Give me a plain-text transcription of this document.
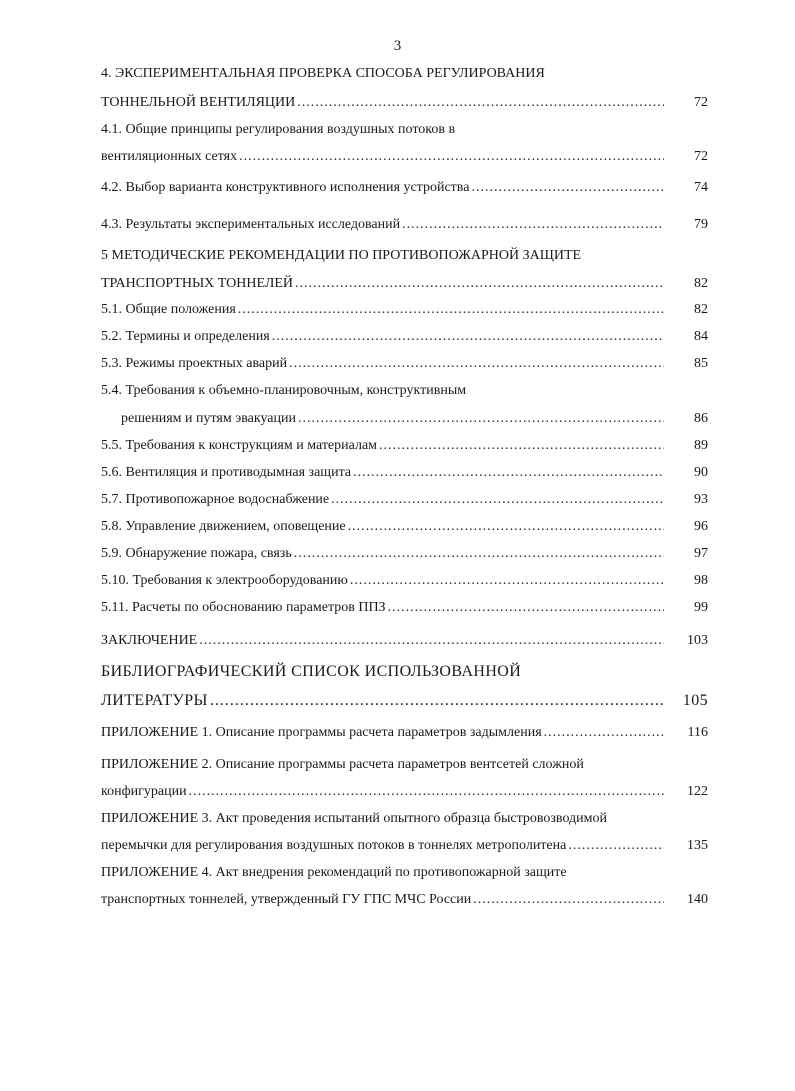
3
4. ЭКСПЕРИМЕНТАЛЬНАЯ ПРОВЕРКА СПОСОБА РЕГУЛИРОВАНИЯ
ТОННЕЛЬНОЙ ВЕНТИЛЯЦИИ .....	72
4.1. Общие принципы регулирования воздушных потоков в
вентиляционных сетях .....	72
4.2. Выбор варианта конструктивного исполнения устройства .....	74
4.3. Результаты экспериментальных исследований .....	79
5 МЕТОДИЧЕСКИЕ РЕКОМЕНДАЦИИ ПО ПРОТИВОПОЖАРНОЙ ЗАЩИТЕ
ТРАНСПОРТНЫХ ТОННЕЛЕЙ .....	82
5.1. Общие положения .....	82
5.2. Термины и определения .....	84
5.3. Режимы проектных аварий .....	85
5.4. Требования к объемно-планировочным, конструктивным
решениям и путям эвакуации .....	86
5.5. Требования к конструкциям и материалам .....	89
5.6. Вентиляция и противодымная защита .....	90
5.7. Противопожарное водоснабжение .....	93
5.8. Управление движением, оповещение .....	96
5.9. Обнаружение пожара, связь .....	97
5.10. Требования к электрооборудованию .....	98
5.11. Расчеты по обоснованию параметров ППЗ .....	99
ЗАКЛЮЧЕНИЕ .....	103
БИБЛИОГРАФИЧЕСКИЙ СПИСОК ИСПОЛЬЗОВАННОЙ
ЛИТЕРАТУРЫ .....	105
ПРИЛОЖЕНИЕ 1. Описание программы расчета параметров задымления .....	116
ПРИЛОЖЕНИЕ 2. Описание программы расчета параметров вентсетей сложной
конфигурации .....	122
ПРИЛОЖЕНИЕ 3. Акт проведения испытаний опытного образца быстровозводимой
перемычки для регулирования воздушных потоков в тоннелях метрополитена .....	135
ПРИЛОЖЕНИЕ 4. Акт внедрения рекомендаций по противопожарной защите
транспортных тоннелей, утвержденный ГУ ГПС МЧС России .....	140
